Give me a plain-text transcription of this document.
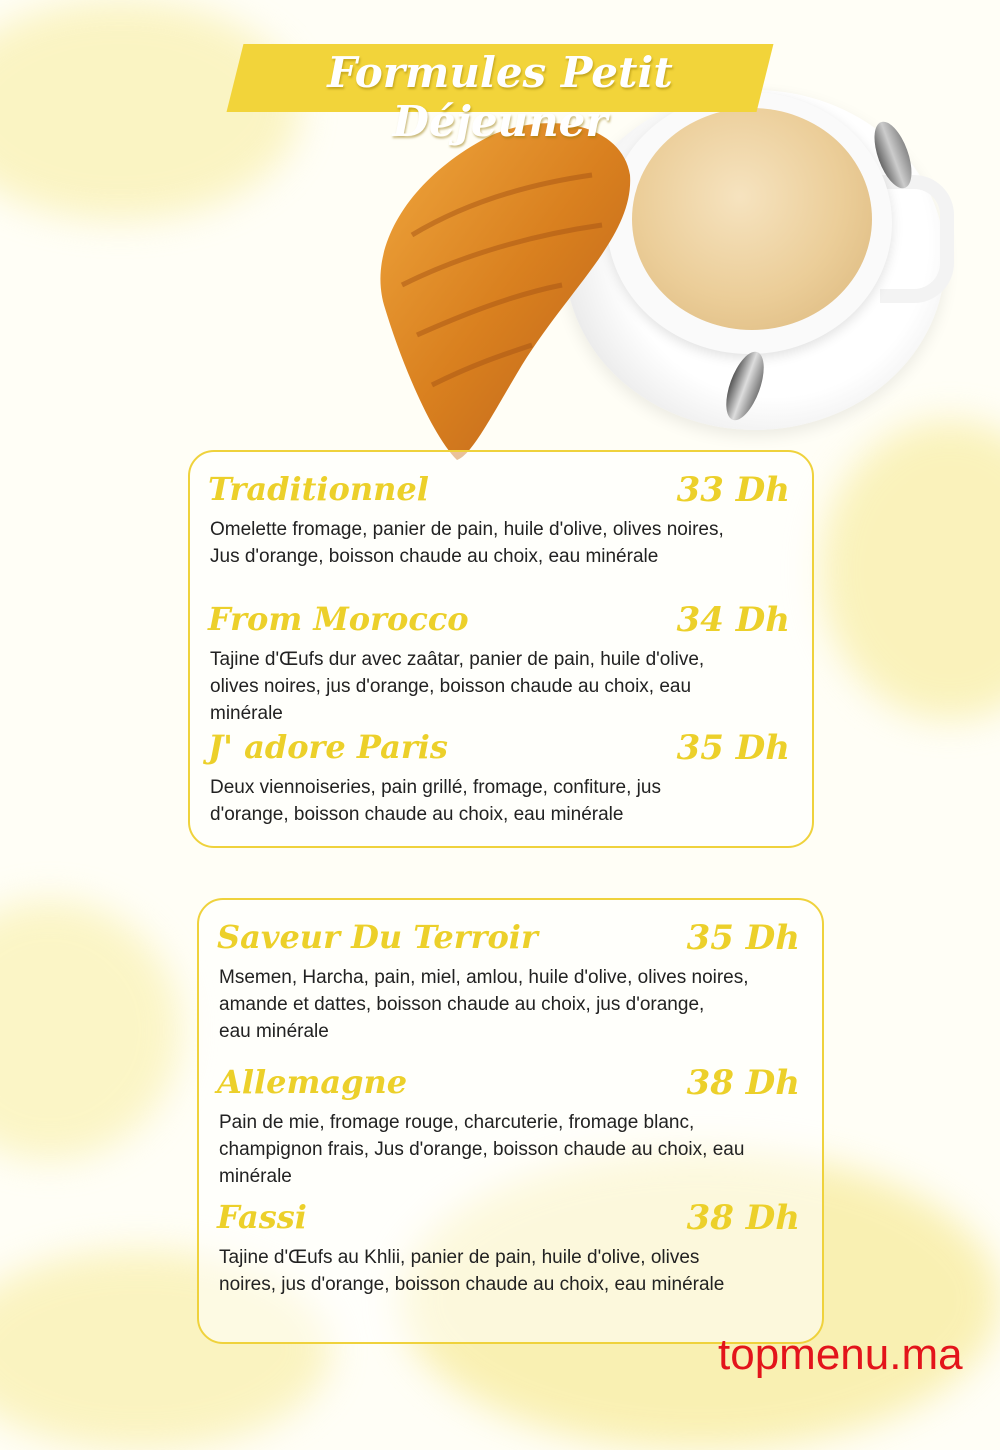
Formules Petit Déjeuner
Traditionnel	33 Dh
Omelette fromage, panier de pain, huile d'olive, olives noires,
Jus d'orange, boisson chaude au choix, eau minérale
From Morocco	34 Dh
Tajine d'Œufs dur avec zaâtar, panier de pain, huile d'olive,
olives noires, jus d'orange, boisson chaude au choix, eau
minérale
J' adore Paris	35 Dh
Deux viennoiseries, pain grillé, fromage, confiture, jus
d'orange, boisson chaude au choix, eau minérale
Saveur Du Terroir	35 Dh
Msemen, Harcha, pain, miel, amlou, huile d'olive, olives noires,
amande et dattes, boisson chaude au choix, jus d'orange,
eau minérale
Allemagne	38 Dh
Pain de mie, fromage rouge, charcuterie, fromage blanc,
champignon frais, Jus d'orange, boisson chaude au choix, eau
minérale
Fassi	38 Dh
Tajine d'Œufs au Khlii, panier de pain, huile d'olive, olives
noires, jus d'orange, boisson chaude au choix, eau minérale
topmenu.ma
